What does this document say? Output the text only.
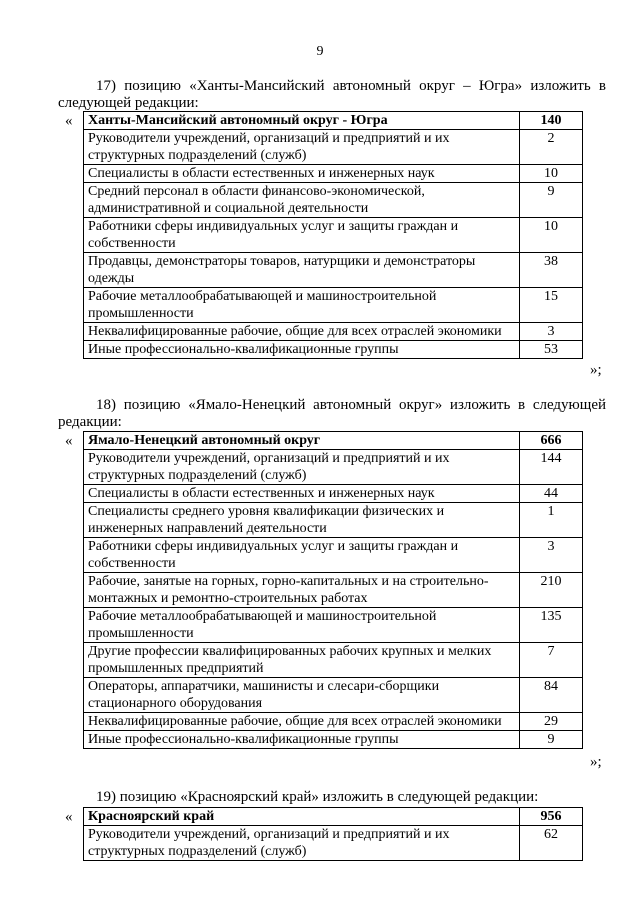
9
17) позицию «Ханты-Мансийский автономный округ – Югра» изложить в
следующей редакции:
« Ханты-Мансийский автономный округ - Югра	140
Руководители учреждений, организаций и предприятий и их структурных подразделений (служб)	2
Специалисты в области естественных и инженерных наук	10
Средний персонал в области финансово-экономической, административной и социальной деятельности	9
Работники сферы индивидуальных услуг и защиты граждан и собственности	10
Продавцы, демонстраторы товаров, натурщики и демонстраторы одежды	38
Рабочие металлообрабатывающей и машиностроительной промышленности	15
Неквалифицированные рабочие, общие для всех отраслей экономики	3
Иные профессионально-квалификационные группы	53
»;
18) позицию «Ямало-Ненецкий автономный округ» изложить в следующей
редакции:
« Ямало-Ненецкий автономный округ	666
Руководители учреждений, организаций и предприятий и их структурных подразделений (служб)	144
Специалисты в области естественных и инженерных наук	44
Специалисты среднего уровня квалификации физических и инженерных направлений деятельности	1
Работники сферы индивидуальных услуг и защиты граждан и собственности	3
Рабочие, занятые на горных, горно-капитальных и на строительно-монтажных и ремонтно-строительных работах	210
Рабочие металлообрабатывающей и машиностроительной промышленности	135
Другие профессии квалифицированных рабочих крупных и мелких промышленных предприятий	7
Операторы, аппаратчики, машинисты и слесари-сборщики стационарного оборудования	84
Неквалифицированные рабочие, общие для всех отраслей экономики	29
Иные профессионально-квалификационные группы	9
»;
19) позицию «Красноярский край» изложить в следующей редакции:
« Красноярский край	956
Руководители учреждений, организаций и предприятий и их структурных подразделений (служб)	62
